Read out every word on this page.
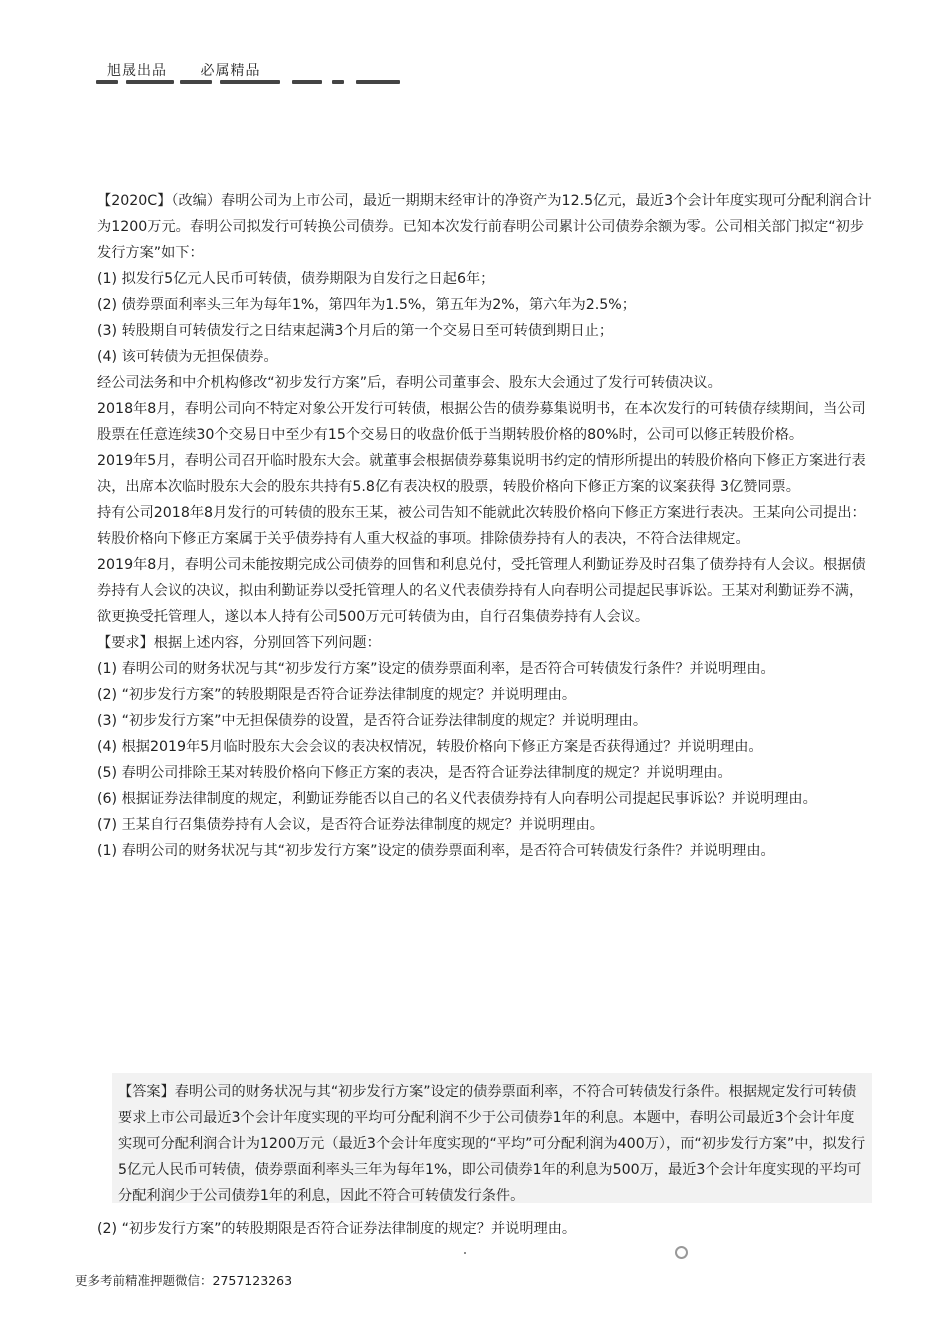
旭晟出品 必属精品

【2020C】（改编）春明公司为上市公司，最近一期期末经审计的净资产为12.5亿元，最近3个会计年度实现可分配利润合计为1200万元。春明公司拟发行可转换公司债券。已知本次发行前春明公司累计公司债券余额为零。公司相关部门拟定“初步发行方案”如下：

(1) 拟发行5亿元人民币可转债，债券期限为自发行之日起6年；

(2) 债券票面利率头三年为每年1%，第四年为1.5%，第五年为2%，第六年为2.5%；

(3) 转股期自可转债发行之日结束起满3个月后的第一个交易日至可转债到期日止；

(4) 该可转债为无担保债券。

经公司法务和中介机构修改“初步发行方案”后，春明公司董事会、股东大会通过了发行可转债决议。

2018年8月，春明公司向不特定对象公开发行可转债，根据公告的债券募集说明书，在本次发行的可转债存续期间，当公司股票在任意连续30个交易日中至少有15个交易日的收盘价低于当期转股价格的80%时，公司可以修正转股价格。

2019年5月，春明公司召开临时股东大会。就董事会根据债券募集说明书约定的情形所提出的转股价格向下修正方案进行表决，出席本次临时股东大会的股东共持有5.8亿有表决权的股票，转股价格向下修正方案的议案获得 3亿赞同票。

持有公司2018年8月发行的可转债的股东王某，被公司告知不能就此次转股价格向下修正方案进行表决。王某向公司提出：转股价格向下修正方案属于关乎债券持有人重大权益的事项。排除债券持有人的表决，不符合法律规定。

2019年8月，春明公司未能按期完成公司债券的回售和利息兑付，受托管理人利勤证券及时召集了债券持有人会议。根据债券持有人会议的决议，拟由利勤证券以受托管理人的名义代表债券持有人向春明公司提起民事诉讼。王某对利勤证券不满，欲更换受托管理人，遂以本人持有公司500万元可转债为由，自行召集债券持有人会议。

【要求】根据上述内容，分别回答下列问题：

(1) 春明公司的财务状况与其“初步发行方案”设定的债券票面利率，是否符合可转债发行条件？并说明理由。

(2) “初步发行方案”的转股期限是否符合证券法律制度的规定？并说明理由。

(3) “初步发行方案”中无担保债券的设置，是否符合证券法律制度的规定？并说明理由。

(4) 根据2019年5月临时股东大会会议的表决权情况，转股价格向下修正方案是否获得通过？并说明理由。

(5) 春明公司排除王某对转股价格向下修正方案的表决，是否符合证券法律制度的规定？并说明理由。

(6) 根据证券法律制度的规定，利勤证券能否以自己的名义代表债券持有人向春明公司提起民事诉讼？并说明理由。

(7) 王某自行召集债券持有人会议，是否符合证券法律制度的规定？并说明理由。

(1) 春明公司的财务状况与其“初步发行方案”设定的债券票面利率，是否符合可转债发行条件？并说明理由。

【答案】春明公司的财务状况与其“初步发行方案”设定的债券票面利率，不符合可转债发行条件。根据规定发行可转债要求上市公司最近3个会计年度实现的平均可分配利润不少于公司债券1年的利息。本题中，春明公司最近3个会计年度实现可分配利润合计为1200万元（最近3个会计年度实现的“平均”可分配利润为400万），而“初步发行方案”中，拟发行5亿元人民币可转债，债券票面利率头三年为每年1%，即公司债券1年的利息为500万，最近3个会计年度实现的平均可分配利润少于公司债券1年的利息，因此不符合可转债发行条件。

(2) “初步发行方案”的转股期限是否符合证券法律制度的规定？并说明理由。
更多考前精准押题微信：2757123263
